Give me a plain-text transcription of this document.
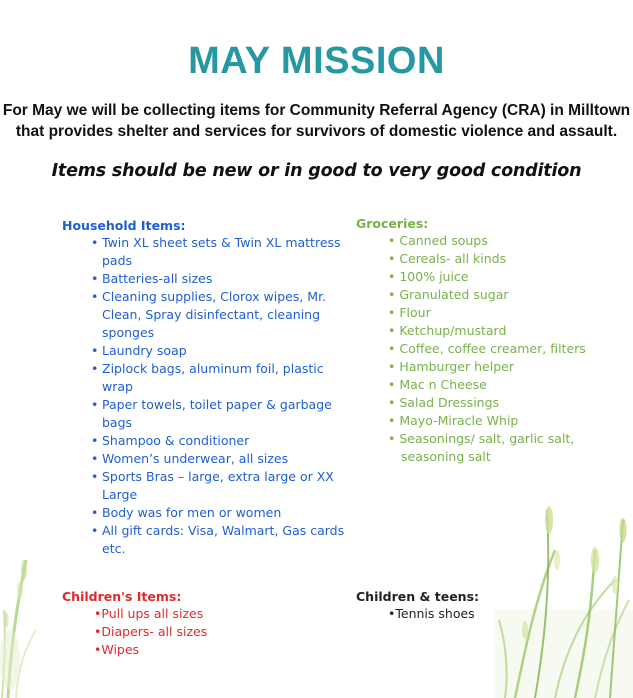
MAY MISSION
For May we will be collecting items for Community Referral Agency (CRA) in Milltown
that provides shelter and services for survivors of domestic violence and assault.
Items should be new or in good to very good condition
Household Items:
• Twin XL sheet sets & Twin XL mattress pads
• Batteries-all sizes
• Cleaning supplies, Clorox wipes, Mr. Clean, Spray disinfectant, cleaning sponges
• Laundry soap
• Ziplock bags, aluminum foil, plastic wrap
• Paper towels, toilet paper & garbage bags
• Shampoo & conditioner
• Women’s underwear, all sizes
• Sports Bras – large, extra large or XX Large
• Body was for men or women
• All gift cards: Visa, Walmart, Gas cards etc.
Groceries:
• Canned soups
• Cereals- all kinds
• 100% juice
• Granulated sugar
• Flour
• Ketchup/mustard
• Coffee, coffee creamer, filters
• Hamburger helper
• Mac n Cheese
• Salad Dressings
• Mayo-Miracle Whip
• Seasonings/ salt, garlic salt,
seasoning salt
Children's Items:
•Pull ups all sizes
•Diapers- all sizes
•Wipes
Children & teens:
•Tennis shoes
